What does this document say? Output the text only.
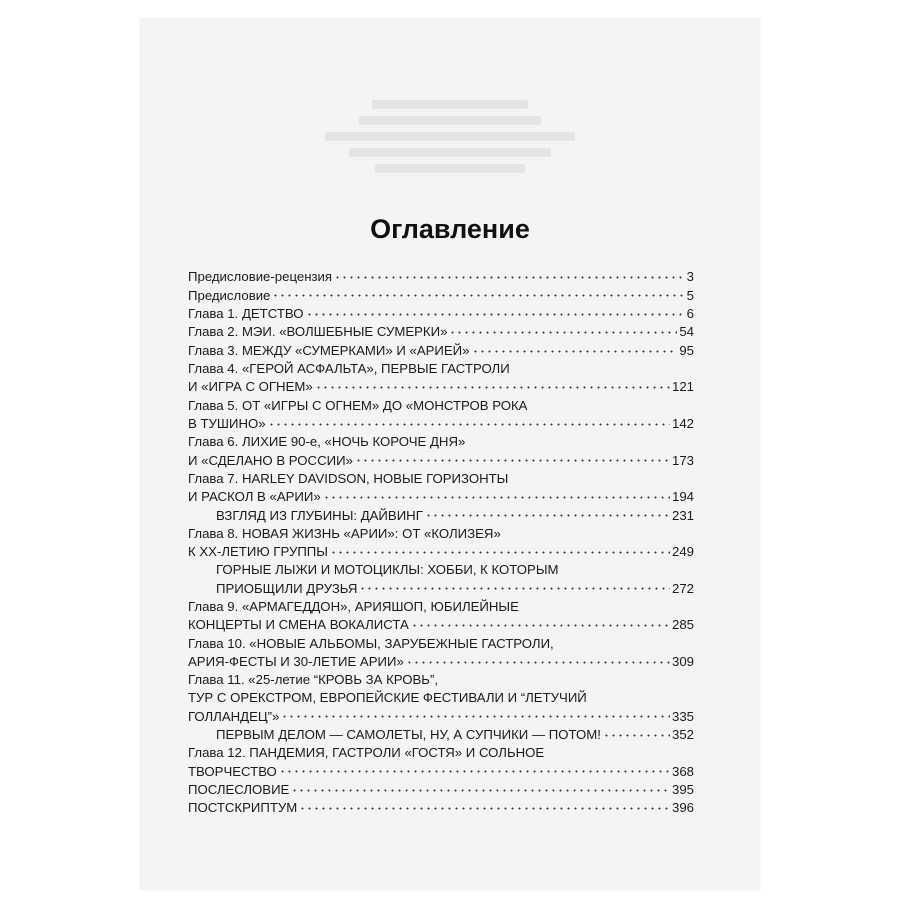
Оглавление
Предисловие-рецензия	3
Предисловие	5
Глава 1. ДЕТСТВО	6
Глава 2. МЭИ. «ВОЛШЕБНЫЕ СУМЕРКИ»	54
Глава 3. МЕЖДУ «СУМЕРКАМИ» И «АРИЕЙ»	95
Глава 4. «ГЕРОЙ АСФАЛЬТА», ПЕРВЫЕ ГАСТРОЛИ
И «ИГРА С ОГНЕМ»	121
Глава 5. ОТ «ИГРЫ С ОГНЕМ» ДО «МОНСТРОВ РОКА
В ТУШИНО»	142
Глава 6. ЛИХИЕ 90-е, «НОЧЬ КОРОЧЕ ДНЯ»
И «СДЕЛАНО В РОССИИ»	173
Глава 7. HARLEY DAVIDSON, НОВЫЕ ГОРИЗОНТЫ
И РАСКОЛ В «АРИИ»	194
ВЗГЛЯД ИЗ ГЛУБИНЫ: ДАЙВИНГ	231
Глава 8. НОВАЯ ЖИЗНЬ «АРИИ»: ОТ «КОЛИЗЕЯ»
К XX-ЛЕТИЮ ГРУППЫ	249
ГОРНЫЕ ЛЫЖИ И МОТОЦИКЛЫ: ХОББИ, К КОТОРЫМ
ПРИОБЩИЛИ ДРУЗЬЯ	272
Глава 9. «АРМАГЕДДОН», АРИЯШОП, ЮБИЛЕЙНЫЕ
КОНЦЕРТЫ И СМЕНА ВОКАЛИСТА	285
Глава 10. «НОВЫЕ АЛЬБОМЫ, ЗАРУБЕЖНЫЕ ГАСТРОЛИ,
АРИЯ-ФЕСТЫ И 30-ЛЕТИЕ АРИИ»	309
Глава 11. «25-летие “КРОВЬ ЗА КРОВЬ”,
ТУР С ОРЕКСТРОМ, ЕВРОПЕЙСКИЕ ФЕСТИВАЛИ И “ЛЕТУЧИЙ
ГОЛЛАНДЕЦ”»	335
ПЕРВЫМ ДЕЛОМ — САМОЛЕТЫ, НУ, А СУПЧИКИ — ПОТОМ!	352
Глава 12. ПАНДЕМИЯ, ГАСТРОЛИ «ГОСТЯ» И СОЛЬНОЕ
ТВОРЧЕСТВО	368
ПОСЛЕСЛОВИЕ	395
ПОСТСКРИПТУМ	396
